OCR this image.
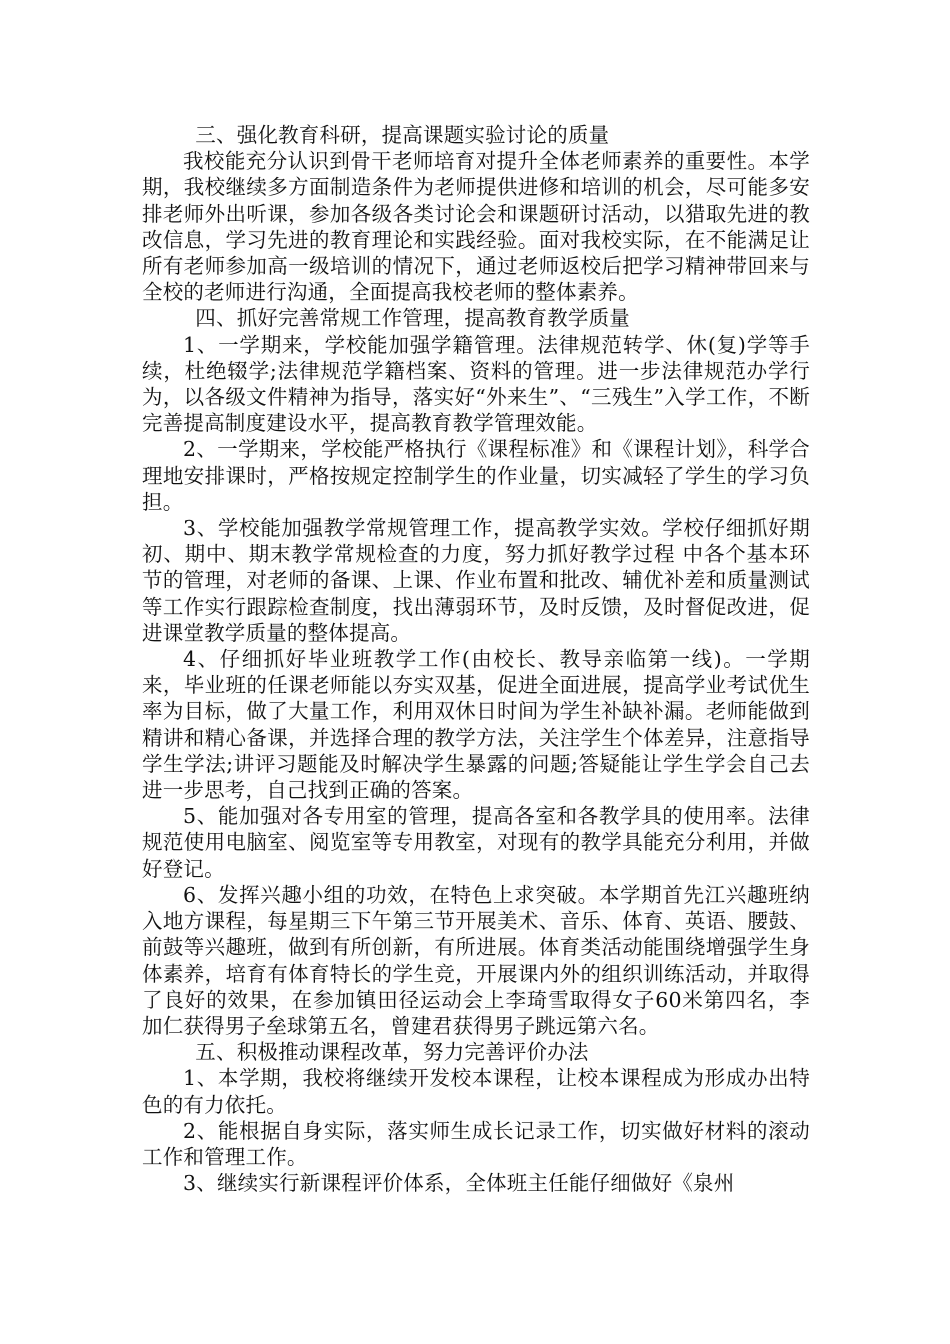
三、强化教育科研，提高课题实验讨论的质量

我校能充分认识到骨干老师培育对提升全体老师素养的重要性。本学期，我校继续多方面制造条件为老师提供进修和培训的机会，尽可能多安排老师外出听课，参加各级各类讨论会和课题研讨活动，以猎取先进的教改信息，学习先进的教育理论和实践经验。面对我校实际，在不能满足让所有老师参加高一级培训的情况下，通过老师返校后把学习精神带回来与全校的老师进行沟通，全面提高我校老师的整体素养。

四、抓好完善常规工作管理，提高教育教学质量

1、一学期来，学校能加强学籍管理。法律规范转学、休(复)学等手续，杜绝辍学;法律规范学籍档案、资料的管理。进一步法律规范办学行为，以各级文件精神为指导，落实好“外来生”、“三残生”入学工作，不断完善提高制度建设水平，提高教育教学管理效能。

2、一学期来，学校能严格执行《课程标准》和《课程计划》，科学合理地安排课时，严格按规定控制学生的作业量，切实减轻了学生的学习负担。

3、学校能加强教学常规管理工作，提高教学实效。学校仔细抓好期初、期中、期末教学常规检查的力度，努力抓好教学过程 中各个基本环节的管理，对老师的备课、上课、作业布置和批改、辅优补差和质量测试等工作实行跟踪检查制度，找出薄弱环节，及时反馈，及时督促改进，促进课堂教学质量的整体提高。

4、仔细抓好毕业班教学工作(由校长、教导亲临第一线)。一学期来，毕业班的任课老师能以夯实双基，促进全面进展，提高学业考试优生率为目标，做了大量工作，利用双休日时间为学生补缺补漏。老师能做到精讲和精心备课，并选择合理的教学方法，关注学生个体差异，注意指导学生学法;讲评习题能及时解决学生暴露的问题;答疑能让学生学会自己去进一步思考，自己找到正确的答案。

5、能加强对各专用室的管理，提高各室和各教学具的使用率。法律规范使用电脑室、阅览室等专用教室，对现有的教学具能充分利用，并做好登记。

6、发挥兴趣小组的功效，在特色上求突破。本学期首先江兴趣班纳入地方课程，每星期三下午第三节开展美术、音乐、体育、英语、腰鼓、前鼓等兴趣班，做到有所创新，有所进展。体育类活动能围绕增强学生身体素养，培育有体育特长的学生竞，开展课内外的组织训练活动，并取得了良好的效果，在参加镇田径运动会上李琦雪取得女子60米第四名，李加仁获得男子垒球第五名，曾建君获得男子跳远第六名。

五、积极推动课程改革，努力完善评价办法

1、本学期，我校将继续开发校本课程，让校本课程成为形成办出特色的有力依托。

2、能根据自身实际，落实师生成长记录工作，切实做好材料的滚动工作和管理工作。

3、继续实行新课程评价体系，全体班主任能仔细做好《泉州
